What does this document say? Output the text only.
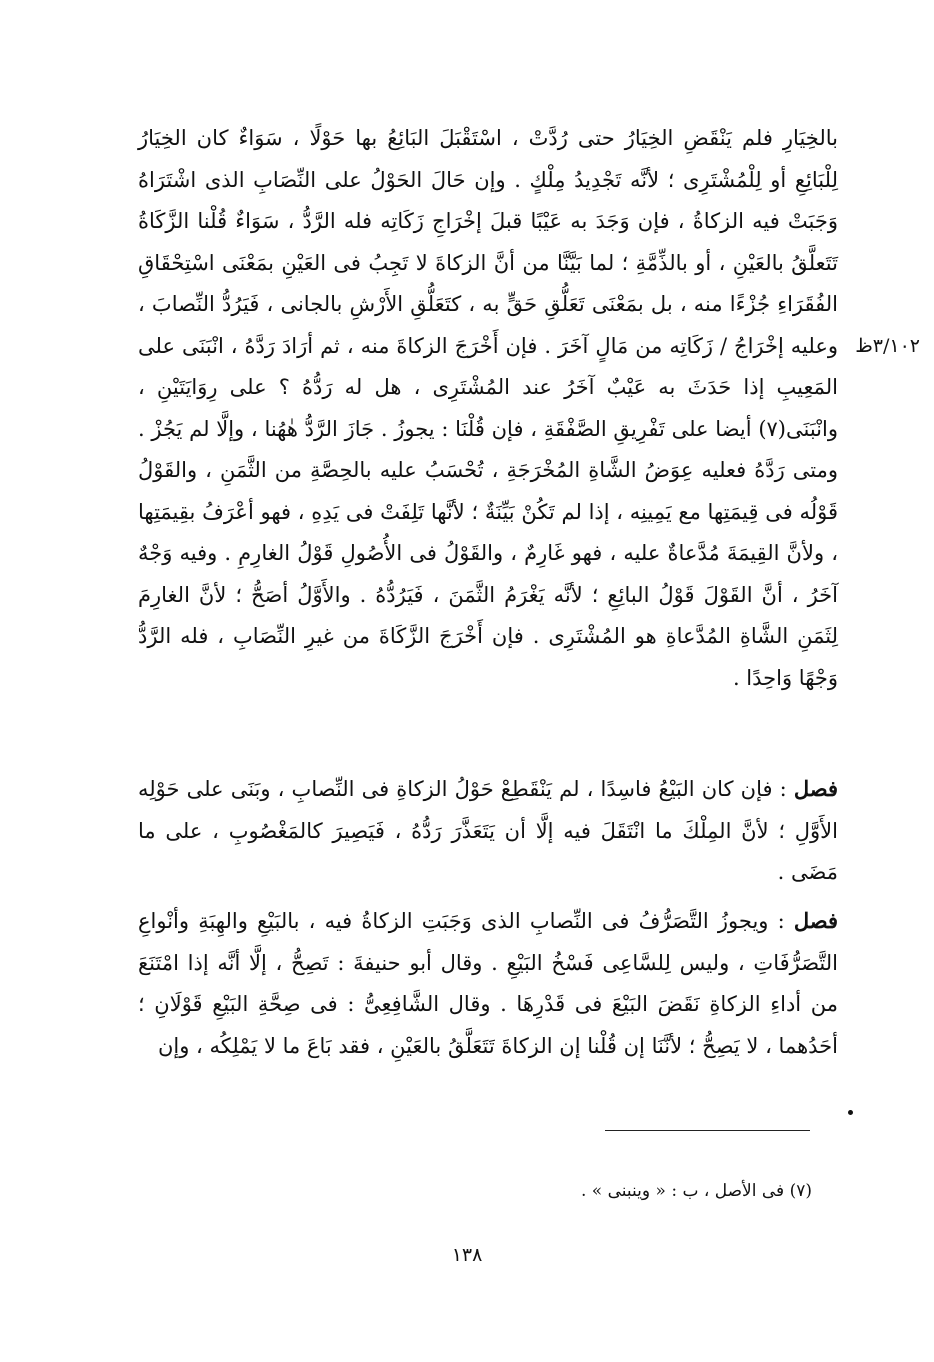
٣/١٠٢ظ
بالخِيَارِ فلم يَنْقَضِ الخِيَارُ حتى رُدَّتْ ، اسْتَقْبَلَ البَائِعُ بها حَوْلًا ، سَوَاءٌ كان الخِيَارُ لِلْبَائِعِ أو لِلْمُشْتَرِى ؛ لأنَّه تَجْدِيدُ مِلْكٍ . وإن حَالَ الحَوْلُ على النِّصَابِ الذى اشْتَرَاهُ وَجَبَتْ فيه الزكاةُ ، فإن وَجَدَ به عَيْبًا قبلَ إخْرَاجِ زَكَاتِه فله الرَّدُّ ، سَوَاءٌ قُلْنا الزَّكَاةُ تَتَعلَّقُ بالعَيْنِ ، أو بالذِّمَّةِ ؛ لما بَيَّنَّا من أنَّ الزكاةَ لا تَجِبُ فى العَيْنِ بمَعْنَى اسْتِحْقَاقِ الفُقَرَاءِ جُزْءًا منه ، بل بمَعْنَى تَعَلُّقِ حَقٍّ به ، كتَعَلُّقِ الأَرْشِ بالجانى ، فَيَرُدُّ النِّصابَ ، وعليه إخْرَاجُ / زَكَاتِه من مَالٍ آخَرَ . فإن أَخْرَجَ الزكاةَ منه ، ثم أرَادَ رَدَّهُ ، انْبَنَى على المَعِيبِ إذا حَدَثَ به عَيْبٌ آخَرُ عند المُشْتَرِى ، هل له رَدُّهُ ؟ على رِوَايَتَيْنِ ، وانْبَنَى(٧) أيضا على تَفْرِيقِ الصَّفْقَةِ ، فإن قُلْنَا : يجوزُ . جَازَ الرَّدُّ هٰهُنا ، وإلَّا لم يَجُزْ . ومتى رَدَّهُ فعليه عِوَضُ الشَّاةِ المُخْرَجَةِ ، تُحْسَبُ عليه بالحِصَّةِ من الثَّمَنِ ، والقَوْلُ قَوْلُه فى قِيمَتِها مع يَمِينِه ، إذا لم تَكُنْ بَيِّنَةٌ ؛ لأنَّها تَلِفَتْ فى يَدِهِ ، فهو أعْرَفُ بقِيمَتِها ، ولأنَّ القِيمَةَ مُدَّعاةٌ عليه ، فهو غَارِمٌ ، والقَوْلُ فى الأُصُولِ قَوْلُ الغارِمِ . وفيه وَجْهٌ آخَرُ ، أنَّ القَوْلَ قَوْلُ البائِعِ ؛ لأنَّه يَغْرَمُ الثَّمَنَ ، فَيَرُدُّهُ . والأَوَّلُ أصَحُّ ؛ لأنَّ الغارِمَ لِثَمَنِ الشَّاةِ المُدَّعاةِ هو المُشْتَرِى . فإن أَخْرَجَ الزَّكَاةَ من غيرِ النِّصَابِ ، فله الرَّدُّ وَجْهًا وَاحِدًا .
فصل : فإن كان البَيْعُ فاسِدًا ، لم يَنْقَطِعْ حَوْلُ الزكاةِ فى النِّصابِ ، وبَنَى على حَوْلِه الأَوَّلِ ؛ لأنَّ المِلْكَ ما انْتَقَلَ فيه إلَّا أن يَتَعَذَّرَ رَدُّهُ ، فَيَصِيرَ كالمَغْصُوبِ ، على ما مَضَى .
فصل : ويجوزُ التَّصَرُّفُ فى النِّصابِ الذى وَجَبَتِ الزكاةُ فيه ، بالبَيْعِ والهِبَةِ وأنْواعِ التَّصَرُّفَاتِ ، وليس لِلسَّاعِى فَسْخُ البَيْعِ . وقال أبو حنيفةَ : تَصِحُّ ، إلَّا أنَّه إذا امْتَنَعَ من أداءِ الزكاةِ نَقَضَ البَيْعَ فى قَدْرِهَا . وقال الشَّافِعِىُّ : فى صِحَّةِ البَيْعِ قَوْلَانِ ؛ أحَدُهما ، لا يَصِحُّ ؛ لأنَّنَا إن قُلْنا إن الزكاةَ تَتَعَلَّقُ بالعَيْنِ ، فقد بَاعَ ما لا يَمْلِكُه ، وإن
(٧) فى الأصل ، ب : « وينبنى » .
١٣٨
